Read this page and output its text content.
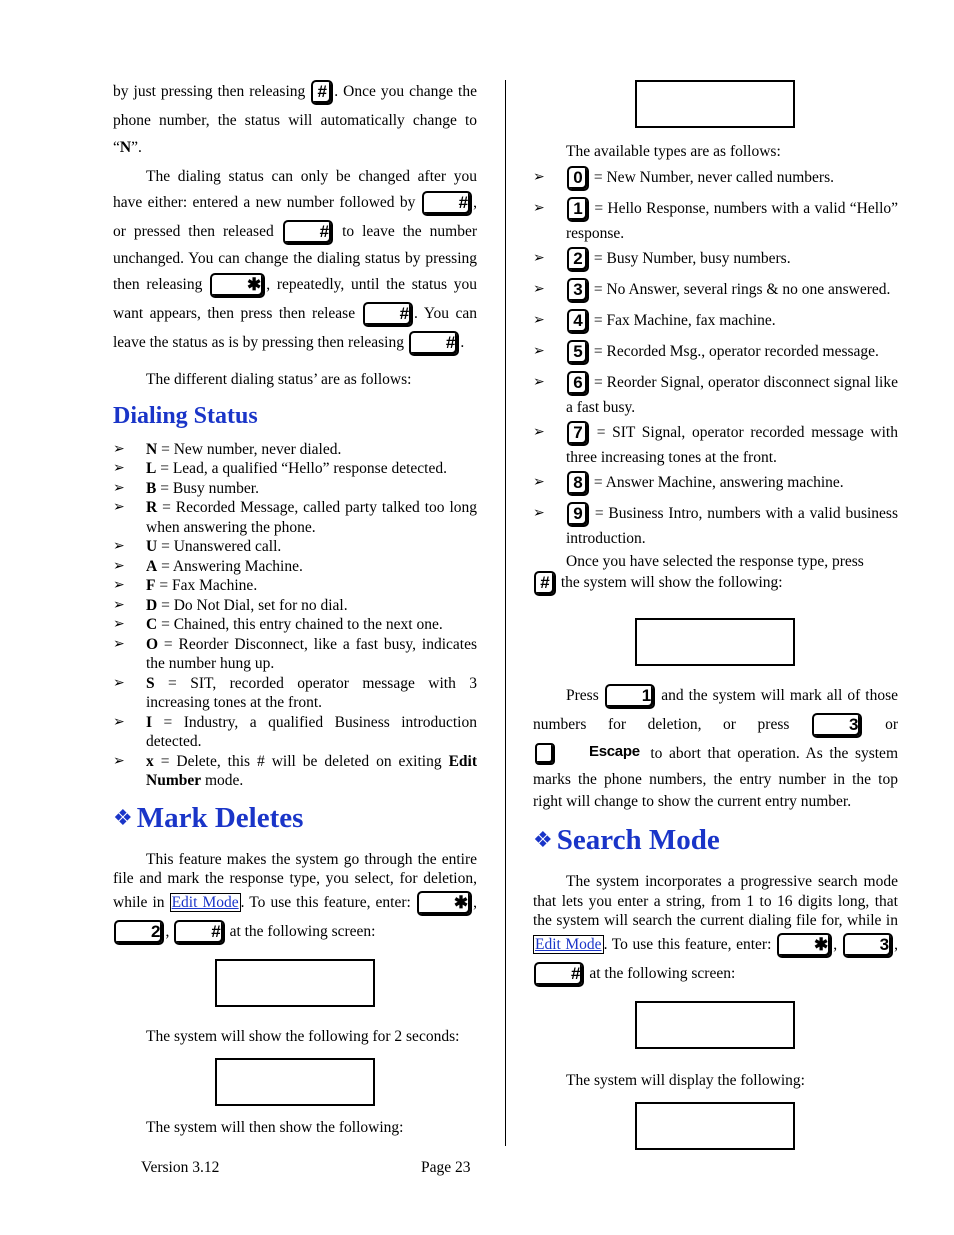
by just pressing then releasing # . Once you change the phone number, the status will automatically change to “N”.

The dialing status can only be changed after you have either: entered a new number followed by # , or pressed then released # to leave the number unchanged. You can change the dialing status by pressing then releasing ✱ , repeatedly, until the status you want appears, then press then release # . You can leave the status as is by pressing then releasing # .

The different dialing status’ are as follows:

Dialing Status
➢ N = New number, never dialed.
➢ L = Lead, a qualified “Hello” response detected.
➢ B = Busy number.
➢ R = Recorded Message, called party talked too long when answering the phone.
➢ U = Unanswered call.
➢ A = Answering Machine.
➢ F = Fax Machine.
➢ D = Do Not Dial, set for no dial.
➢ C = Chained, this entry chained to the next one.
➢ O = Reorder Disconnect, like a fast busy, indicates the number hung up.
➢ S = SIT, recorded operator message with 3 increasing tones at the front.
➢ I = Industry, a qualified Business introduction detected.
➢ x = Delete, this # will be deleted on exiting Edit Number mode.
❖ Mark Deletes

This feature makes the system go through the entire file and mark the response type, you select, for deletion, while in Edit Mode . To use this feature, enter: ✱ , 2 , # at the following screen:

The system will show the following for 2 seconds:

The system will then show the following:

The available types are as follows:

➢ 0 = New Number, never called numbers.
➢ 1 = Hello Response, numbers with a valid “Hello” response.
➢ 2 = Busy Number, busy numbers.
➢ 3 = No Answer, several rings & no one answered.
➢ 4 = Fax Machine, fax machine.
➢ 5 = Recorded Msg., operator recorded message.
➢ 6 = Reorder Signal, operator disconnect signal like a fast busy.
➢ 7 = SIT Signal, operator recorded message with three increasing tones at the front.
➢ 8 = Answer Machine, answering machine.
➢ 9 = Business Intro, numbers with a valid business introduction.

Once you have selected the response type, press

# the system will show the following:

Press 1 and the system will mark all of those numbers for deletion, or press 3 or Escape to abort that operation. As the system marks the phone numbers, the entry number in the top right will change to show the current entry number.

❖ Search Mode

The system incorporates a progressive search mode that lets you enter a string, from 1 to 16 digits long, that the system will search the current dialing file for, while in Edit Mode . To use this feature, enter: ✱ , 3 , # at the following screen:

The system will display the following:

Version 3.12	Page 23
